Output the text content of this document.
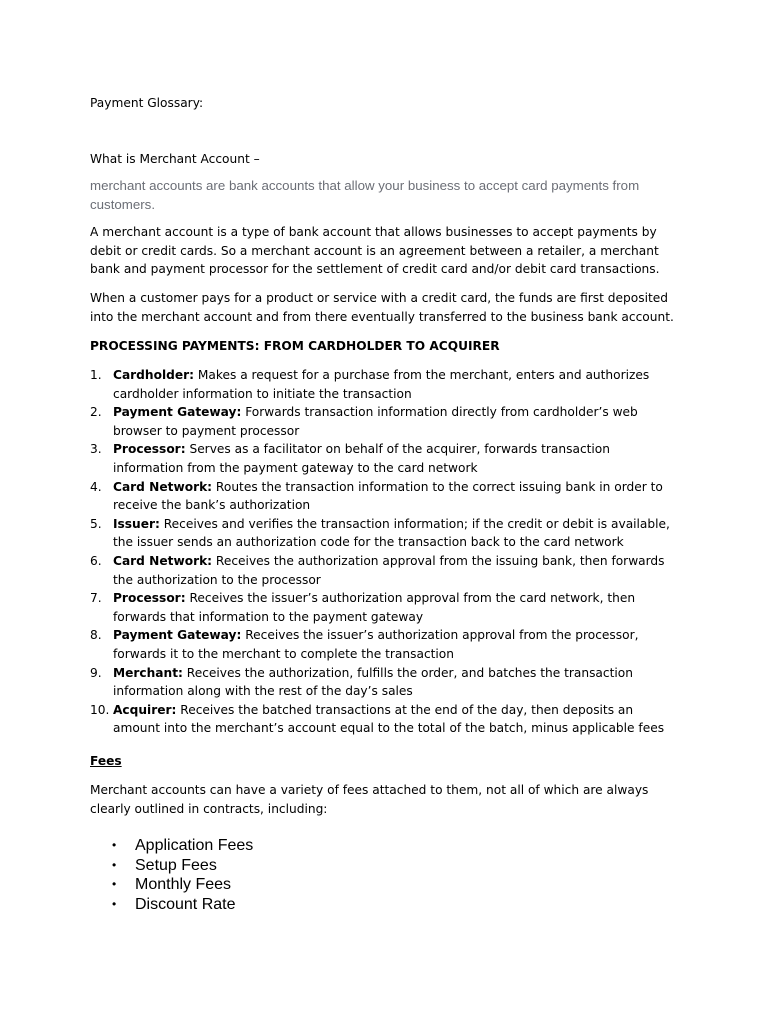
Payment Glossary:

What is Merchant Account –

merchant accounts are bank accounts that allow your business to accept card payments from customers.

A merchant account is a type of bank account that allows businesses to accept payments by debit or credit cards. So a merchant account is an agreement between a retailer, a merchant bank and payment processor for the settlement of credit card and/or debit card transactions.

When a customer pays for a product or service with a credit card, the funds are first deposited into the merchant account and from there eventually transferred to the business bank account.

PROCESSING PAYMENTS: FROM CARDHOLDER TO ACQUIRER

1. Cardholder: Makes a request for a purchase from the merchant, enters and authorizes cardholder information to initiate the transaction
2. Payment Gateway: Forwards transaction information directly from cardholder’s web browser to payment processor
3. Processor: Serves as a facilitator on behalf of the acquirer, forwards transaction information from the payment gateway to the card network
4. Card Network: Routes the transaction information to the correct issuing bank in order to receive the bank’s authorization
5. Issuer: Receives and verifies the transaction information; if the credit or debit is available, the issuer sends an authorization code for the transaction back to the card network
6. Card Network: Receives the authorization approval from the issuing bank, then forwards the authorization to the processor
7. Processor: Receives the issuer’s authorization approval from the card network, then forwards that information to the payment gateway
8. Payment Gateway: Receives the issuer’s authorization approval from the processor, forwards it to the merchant to complete the transaction
9. Merchant: Receives the authorization, fulfills the order, and batches the transaction information along with the rest of the day’s sales
10. Acquirer: Receives the batched transactions at the end of the day, then deposits an amount into the merchant’s account equal to the total of the batch, minus applicable fees

Fees

Merchant accounts can have a variety of fees attached to them, not all of which are always clearly outlined in contracts, including:

• Application Fees
• Setup Fees
• Monthly Fees
• Discount Rate
